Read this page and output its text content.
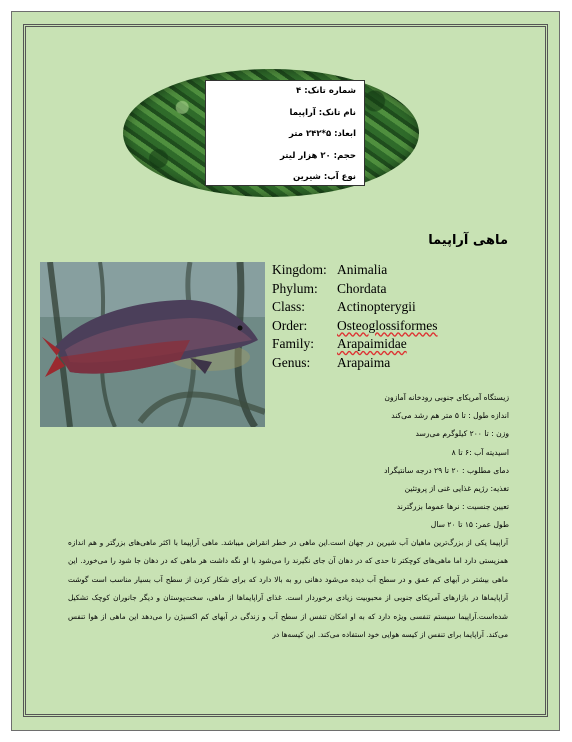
شماره تانک: ۴
نام تانک: آراپیما
ابعاد: ۵*۲۴۲ متر
حجم: ۲۰ هزار لیتر
نوع آب: شیرین
ماهی آراپیما
Kingdom: Animalia
Phylum: Chordata
Class: Actinopterygii
Order: Osteoglossiformes
Family: Arapaimidae
Genus: Arapaima
زیستگاه آمریکای جنوبی رودخانه آمازون
اندازه طول : تا ۵ متر هم رشد می‌کند
وزن : تا ۲۰۰ کیلوگرم می‌رسد
اسیدیته آب :۶ تا ۸
دمای مطلوب : ۲۰ تا ۲۹ درجه سانتیگراد
تغذیه: رژیم غذایی غنی از پروتئین
تعیین جنسیت : نرها عموما بزرگترند
طول عمر: ۱۵ تا ۲۰ سال
آراپیما یکی از بزرگ‌ترین ماهیان آب شیرین در جهان است.این ماهی در خطر انقراض میباشد. ماهی آراپیما با اکثر ماهی‌های بزرگتر و هم اندازه همزیستی دارد اما ماهی‌های کوچکتر تا حدی که در دهان آن جای نگیرند را می‌شود با او نگه داشت هر ماهی که در دهان جا شود را می‌خورد. این ماهی بیشتر در آبهای کم عمق و در سطح آب دیده می‌شود دهانی رو به بالا دارد که برای شکار کردن از سطح آب بسیار مناسب است گوشت آراپایماها در بازارهای آمریکای جنوبی از محبوبیت زیادی برخوردار است. غذای آراپایماها از ماهی، سخت‌پوستان و دیگر جانوران کوچک تشکیل شده‌است.آراپیما سیستم تنفسی ویژه دارد که به او امکان تنفس از سطح آب و زندگی در آبهای کم اکسیژن را می‌دهد این ماهی از هوا تنفس می‌کند. آراپایما برای تنفس از کیسه هوایی خود استفاده می‌کند. این کیسه‌ها در
